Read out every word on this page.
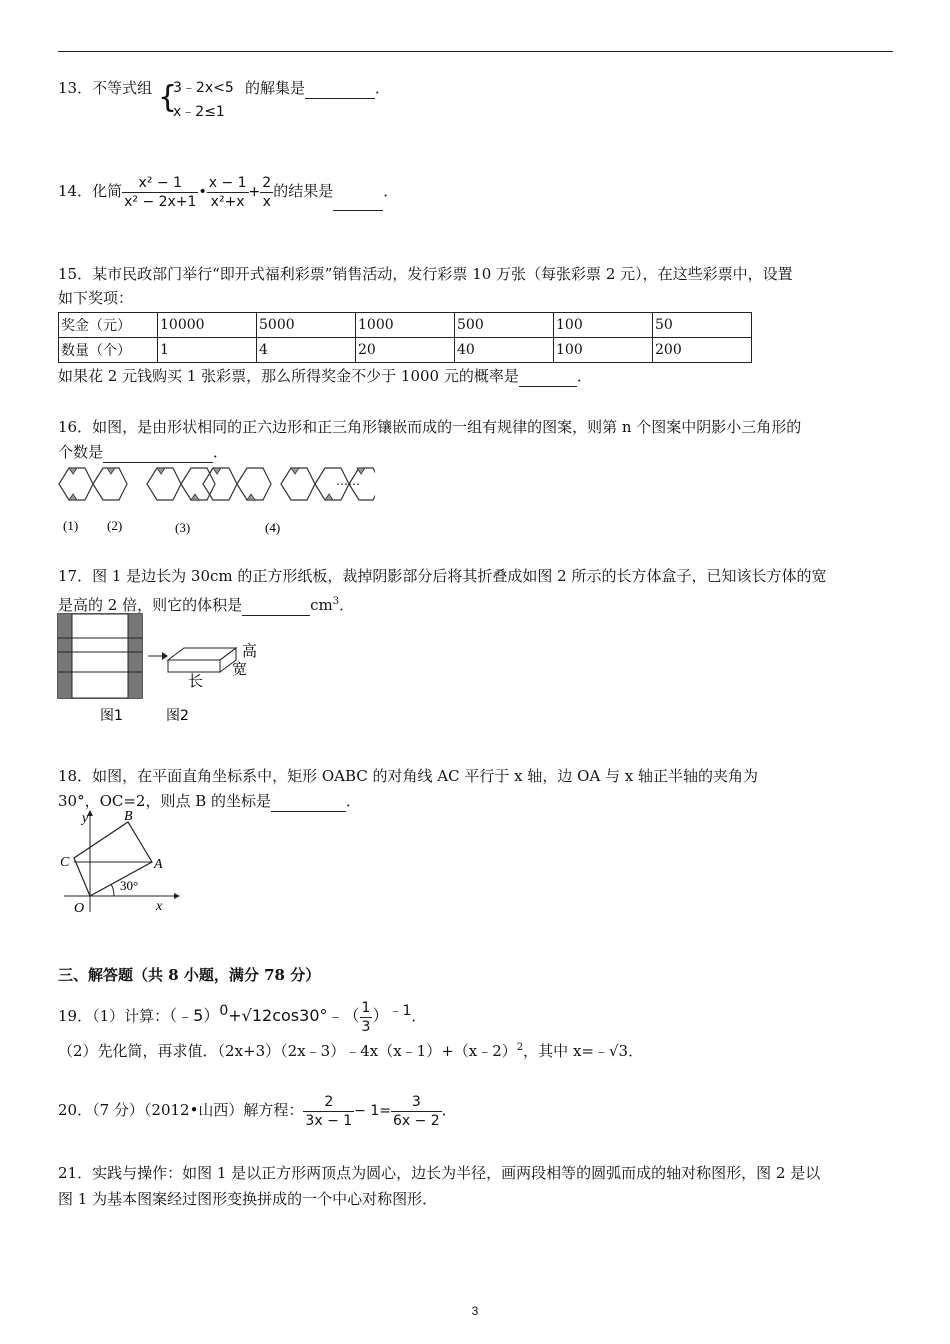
13．不等式组 {
3﹣2x<5
x﹣2≤1
的解集是	．
14．化简 $\frac{\text{x² − 1}}{\text{x² − 2x+1}}$ • $\frac{x - 1}{\text{x²+x}} + \frac{2}{x}$ 的结果是	．
15．某市民政部门举行“即开式福利彩票”销售活动，发行彩票 10 万张（每张彩票 2 元），在这些彩票中，设置
如下奖项：
奖金（元）	10000	5000	1000	500	100	50
数量（个）	1	4	20	40	100	200
如果花 2 元钱购买 1 张彩票，那么所得奖金不少于 1000 元的概率是	．
16．如图，是由形状相同的正六边形和正三角形镶嵌而成的一组有规律的图案，则第 n 个图案中阴影小三角形的
个数是	．
(1) (2)	(3)	(4)
……
17．图 1 是边长为 30cm 的正方形纸板，裁掉阴影部分后将其折叠成如图 2 所示的长方体盒子，已知该长方体的宽
是高的 2 倍，则它的体积是	$cm^3$．
高
宽
长
图1	图2
18．如图，在平面直角坐标系中，矩形 OABC 的对角线 AC 平行于 x 轴，边 OA 与 x 轴正半轴的夹角为
30°，OC=2，则点 B 的坐标是	．
y
x
B
C	A
O
30°
三、解答题（共 8 小题，满分 78 分）
19．（1）计算：（﹣5）$^0$+√12cos30°﹣（ $\frac{1}{3} )^{﹣1}$．
（2）先化简，再求值．（2x+3）（2x﹣3）﹣4x（x﹣1）+（x﹣2）$^2$，其中 x=﹣√3．
20．（7 分）（2012•山西）解方程： $\frac{2}{3x - 1} - 1= \frac{3}{6x - 2}$ ．
21．实践与操作：如图 1 是以正方形两顶点为圆心，边长为半径，画两段相等的圆弧而成的轴对称图形，图 2 是以
图 1 为基本图案经过图形变换拼成的一个中心对称图形．
3
